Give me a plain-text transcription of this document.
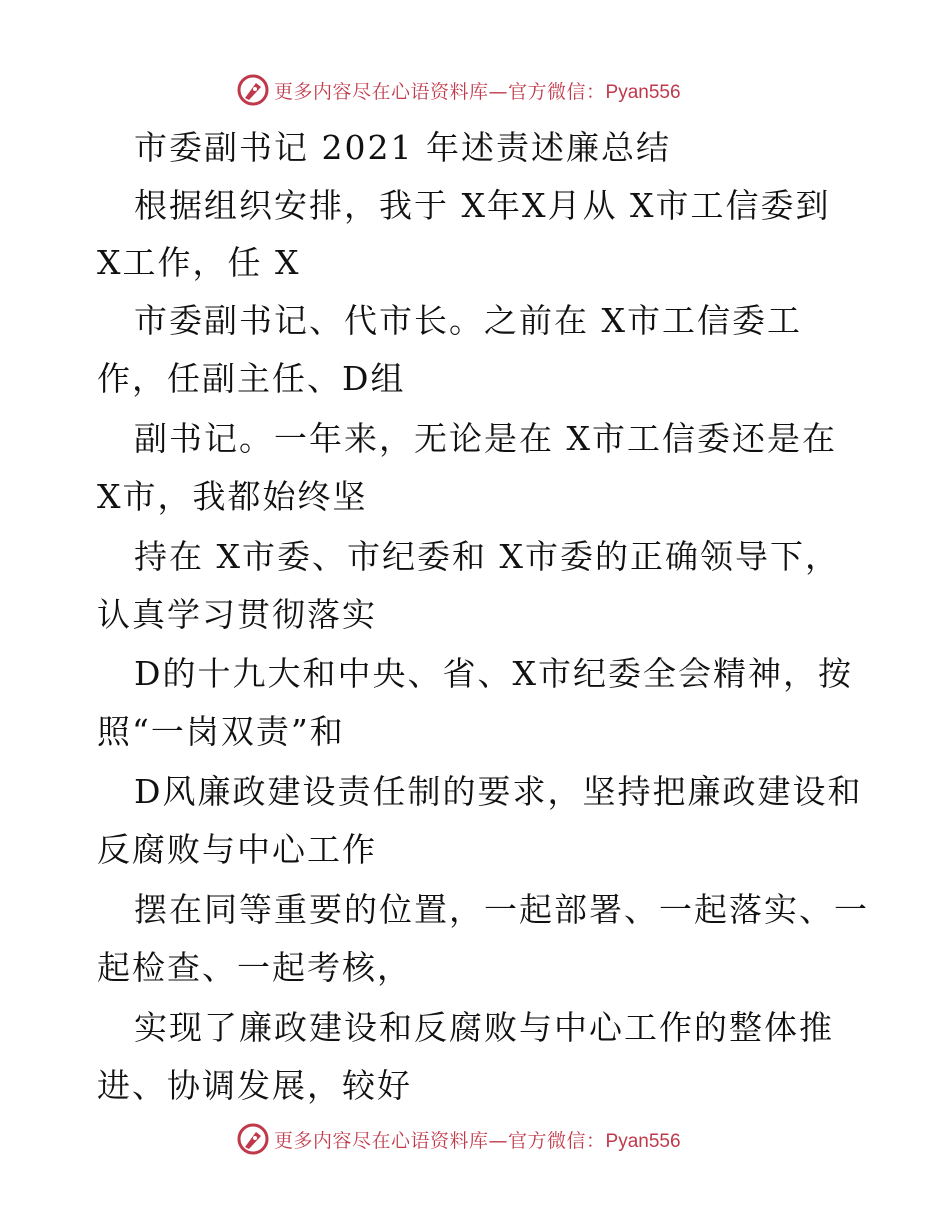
更多内容尽在心语资料库—官方微信：Pyan556
市委副书记 2021 年述责述廉总结
根据组织安排，我于 X年X月从 X市工信委到
X工作，任 X
市委副书记、代市长。之前在 X市工信委工
作，任副主任、D组
副书记。一年来，无论是在 X市工信委还是在
X市，我都始终坚
持在 X市委、市纪委和 X市委的正确领导下，
认真学习贯彻落实
D的十九大和中央、省、X市纪委全会精神，按
照“一岗双责”和
D风廉政建设责任制的要求，坚持把廉政建设和
反腐败与中心工作
摆在同等重要的位置，一起部署、一起落实、一
起检查、一起考核，
实现了廉政建设和反腐败与中心工作的整体推
进、协调发展，较好
更多内容尽在心语资料库—官方微信：Pyan556
